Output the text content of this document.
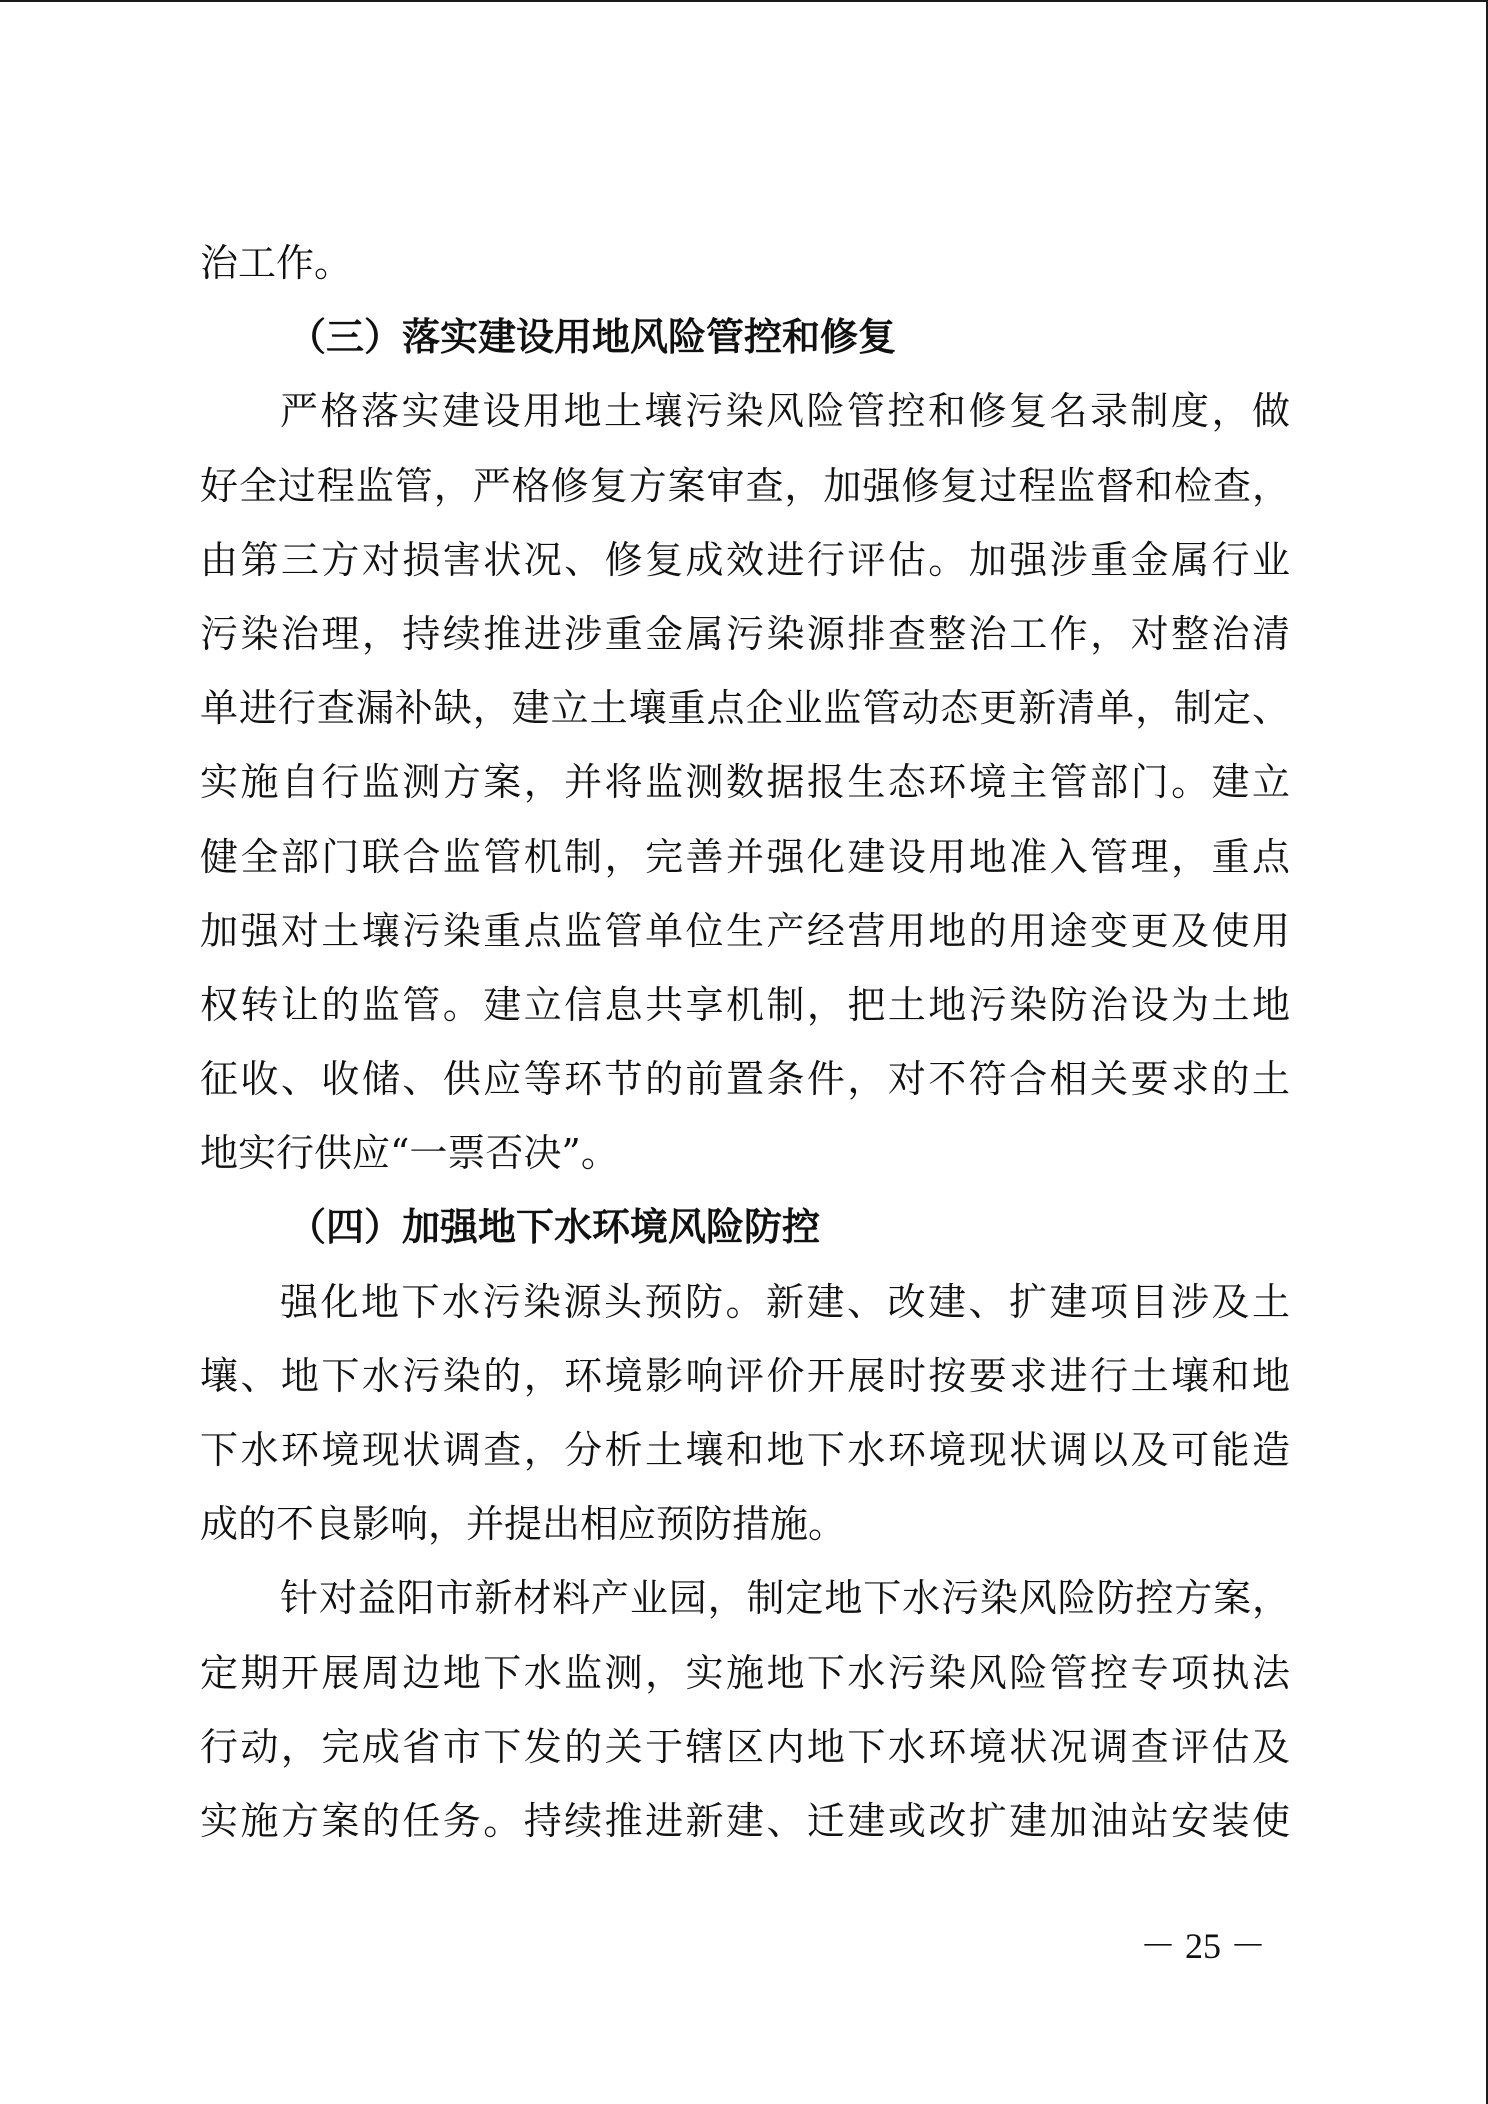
治工作。
（三）落实建设用地风险管控和修复
严格落实建设用地土壤污染风险管控和修复名录制度，做
好全过程监管，严格修复方案审查，加强修复过程监督和检查，
由第三方对损害状况、修复成效进行评估。加强涉重金属行业
污染治理，持续推进涉重金属污染源排查整治工作，对整治清
单进行查漏补缺，建立土壤重点企业监管动态更新清单，制定、
实施自行监测方案，并将监测数据报生态环境主管部门。建立
健全部门联合监管机制，完善并强化建设用地准入管理，重点
加强对土壤污染重点监管单位生产经营用地的用途变更及使用
权转让的监管。建立信息共享机制，把土地污染防治设为土地
征收、收储、供应等环节的前置条件，对不符合相关要求的土
地实行供应“一票否决”。
（四）加强地下水环境风险防控
强化地下水污染源头预防。新建、改建、扩建项目涉及土
壤、地下水污染的，环境影响评价开展时按要求进行土壤和地
下水环境现状调查，分析土壤和地下水环境现状调以及可能造
成的不良影响，并提出相应预防措施。
针对益阳市新材料产业园，制定地下水污染风险防控方案，
定期开展周边地下水监测，实施地下水污染风险管控专项执法
行动，完成省市下发的关于辖区内地下水环境状况调查评估及
实施方案的任务。持续推进新建、迁建或改扩建加油站安装使
－ 25 －
